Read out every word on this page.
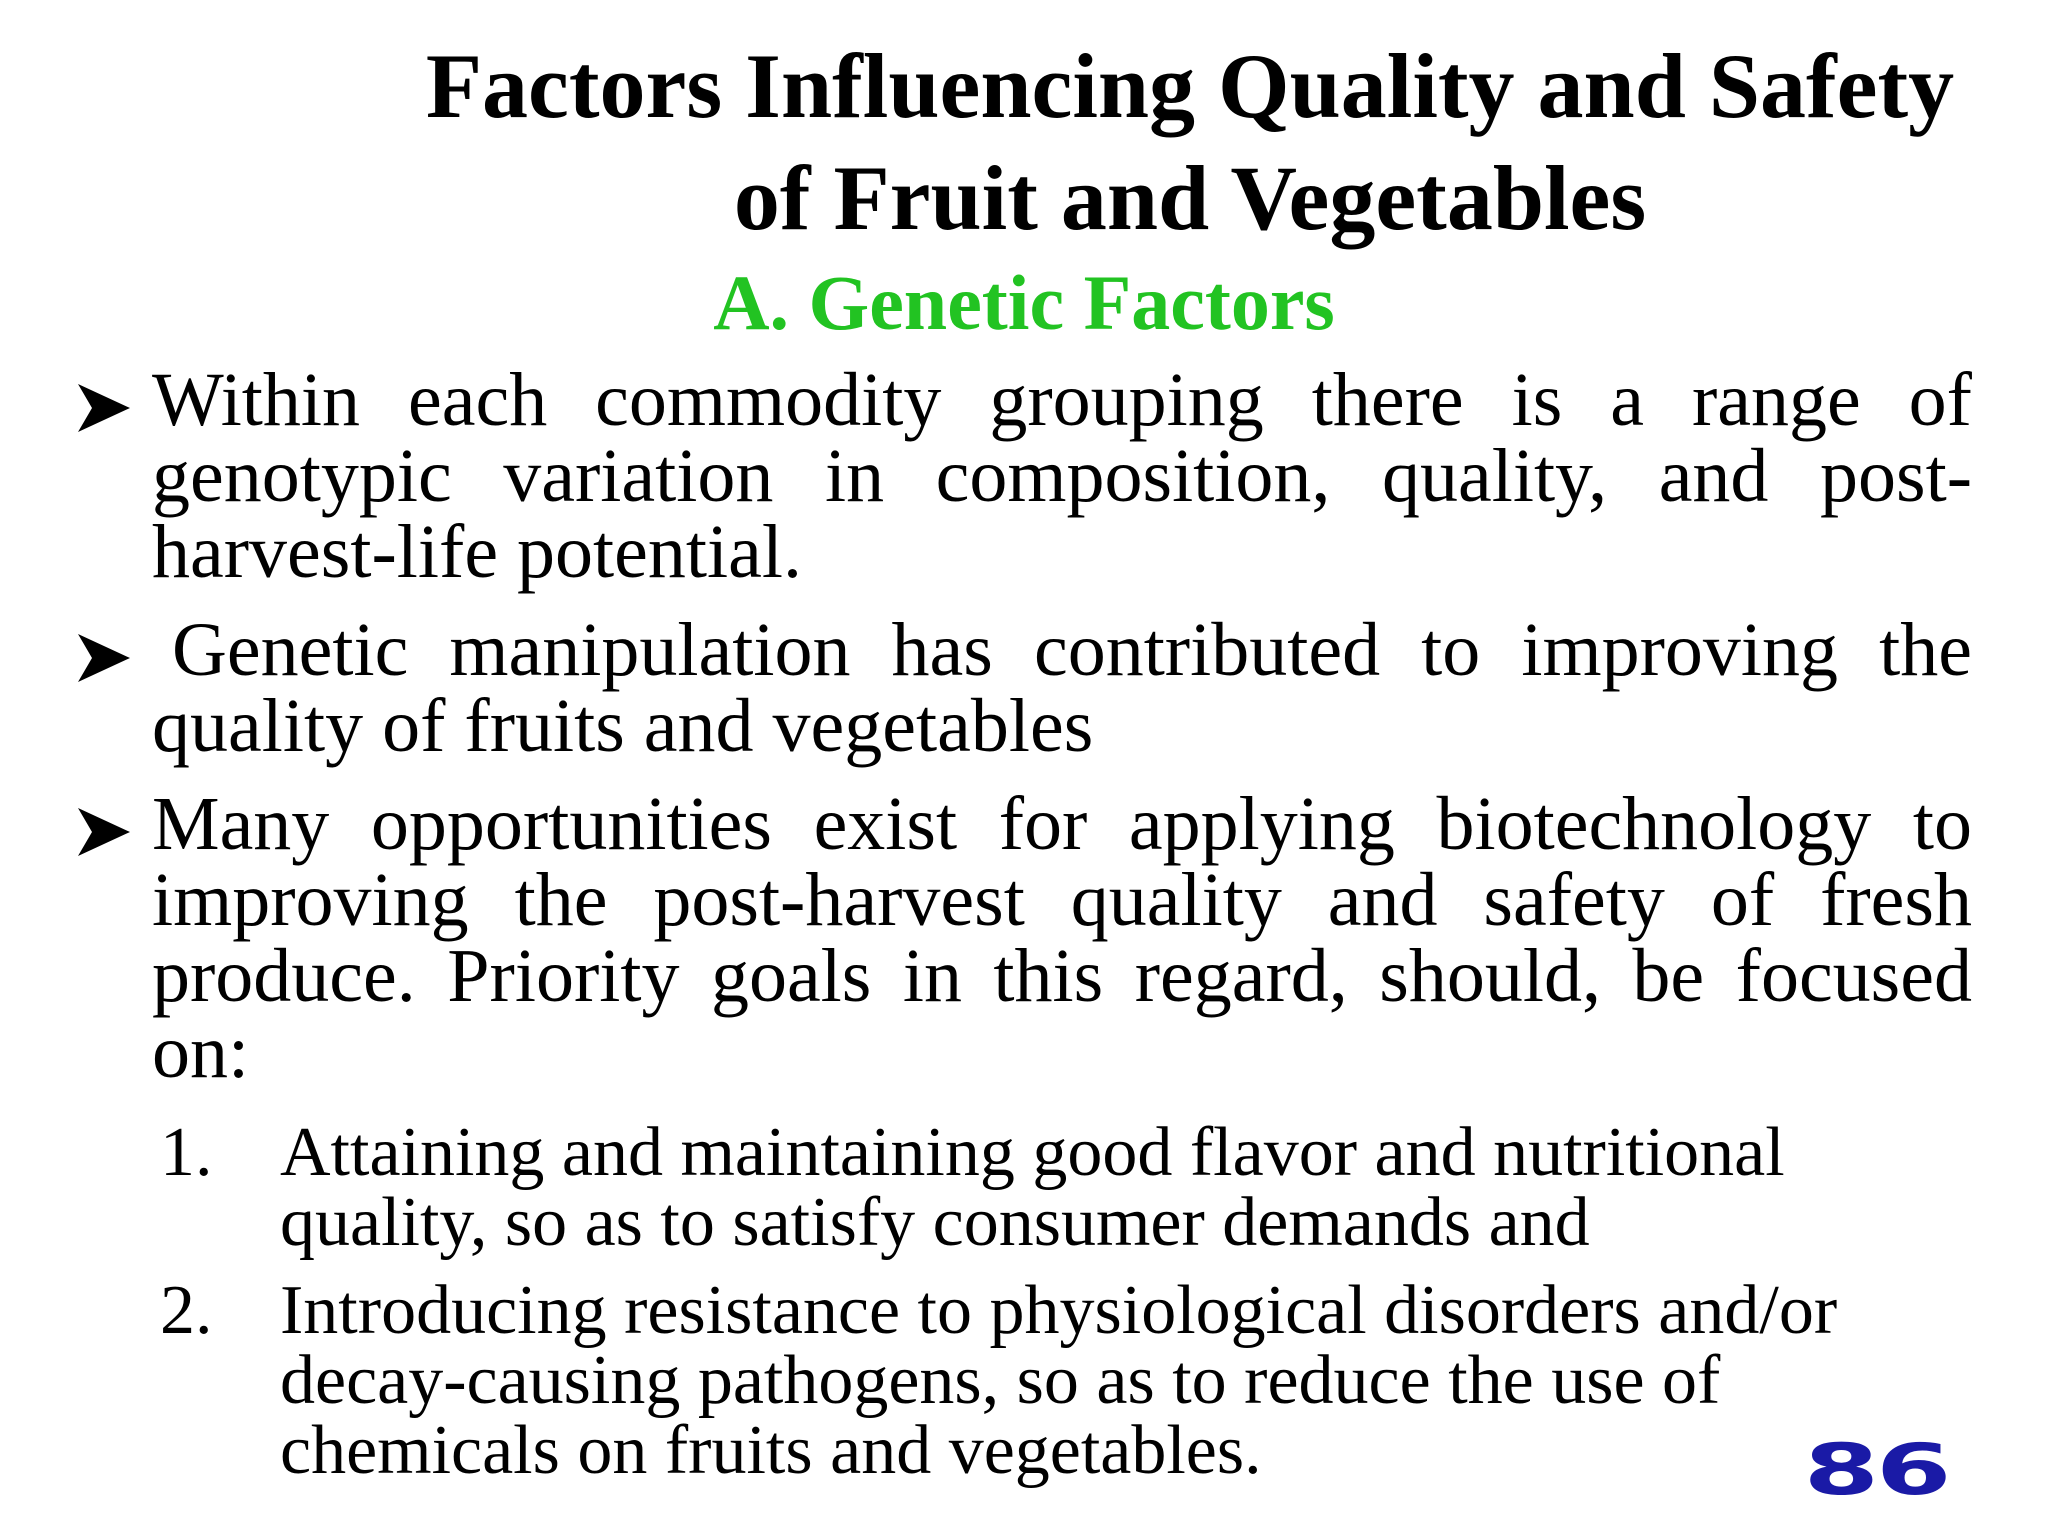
Factors Influencing Quality and Safety
of Fruit and Vegetables
A. Genetic Factors
Within each commodity grouping there is a range of genotypic variation in composition, quality, and post-harvest-life potential.
Genetic manipulation has contributed to improving the quality of fruits and vegetables
Many opportunities exist for applying biotechnology to improving the post-harvest quality and safety of fresh produce. Priority goals in this regard, should, be focused on:
1. Attaining and maintaining good flavor and nutritional quality, so as to satisfy consumer demands and
2. Introducing resistance to physiological disorders and/or decay-causing pathogens, so as to reduce the use of chemicals on fruits and vegetables.	86
